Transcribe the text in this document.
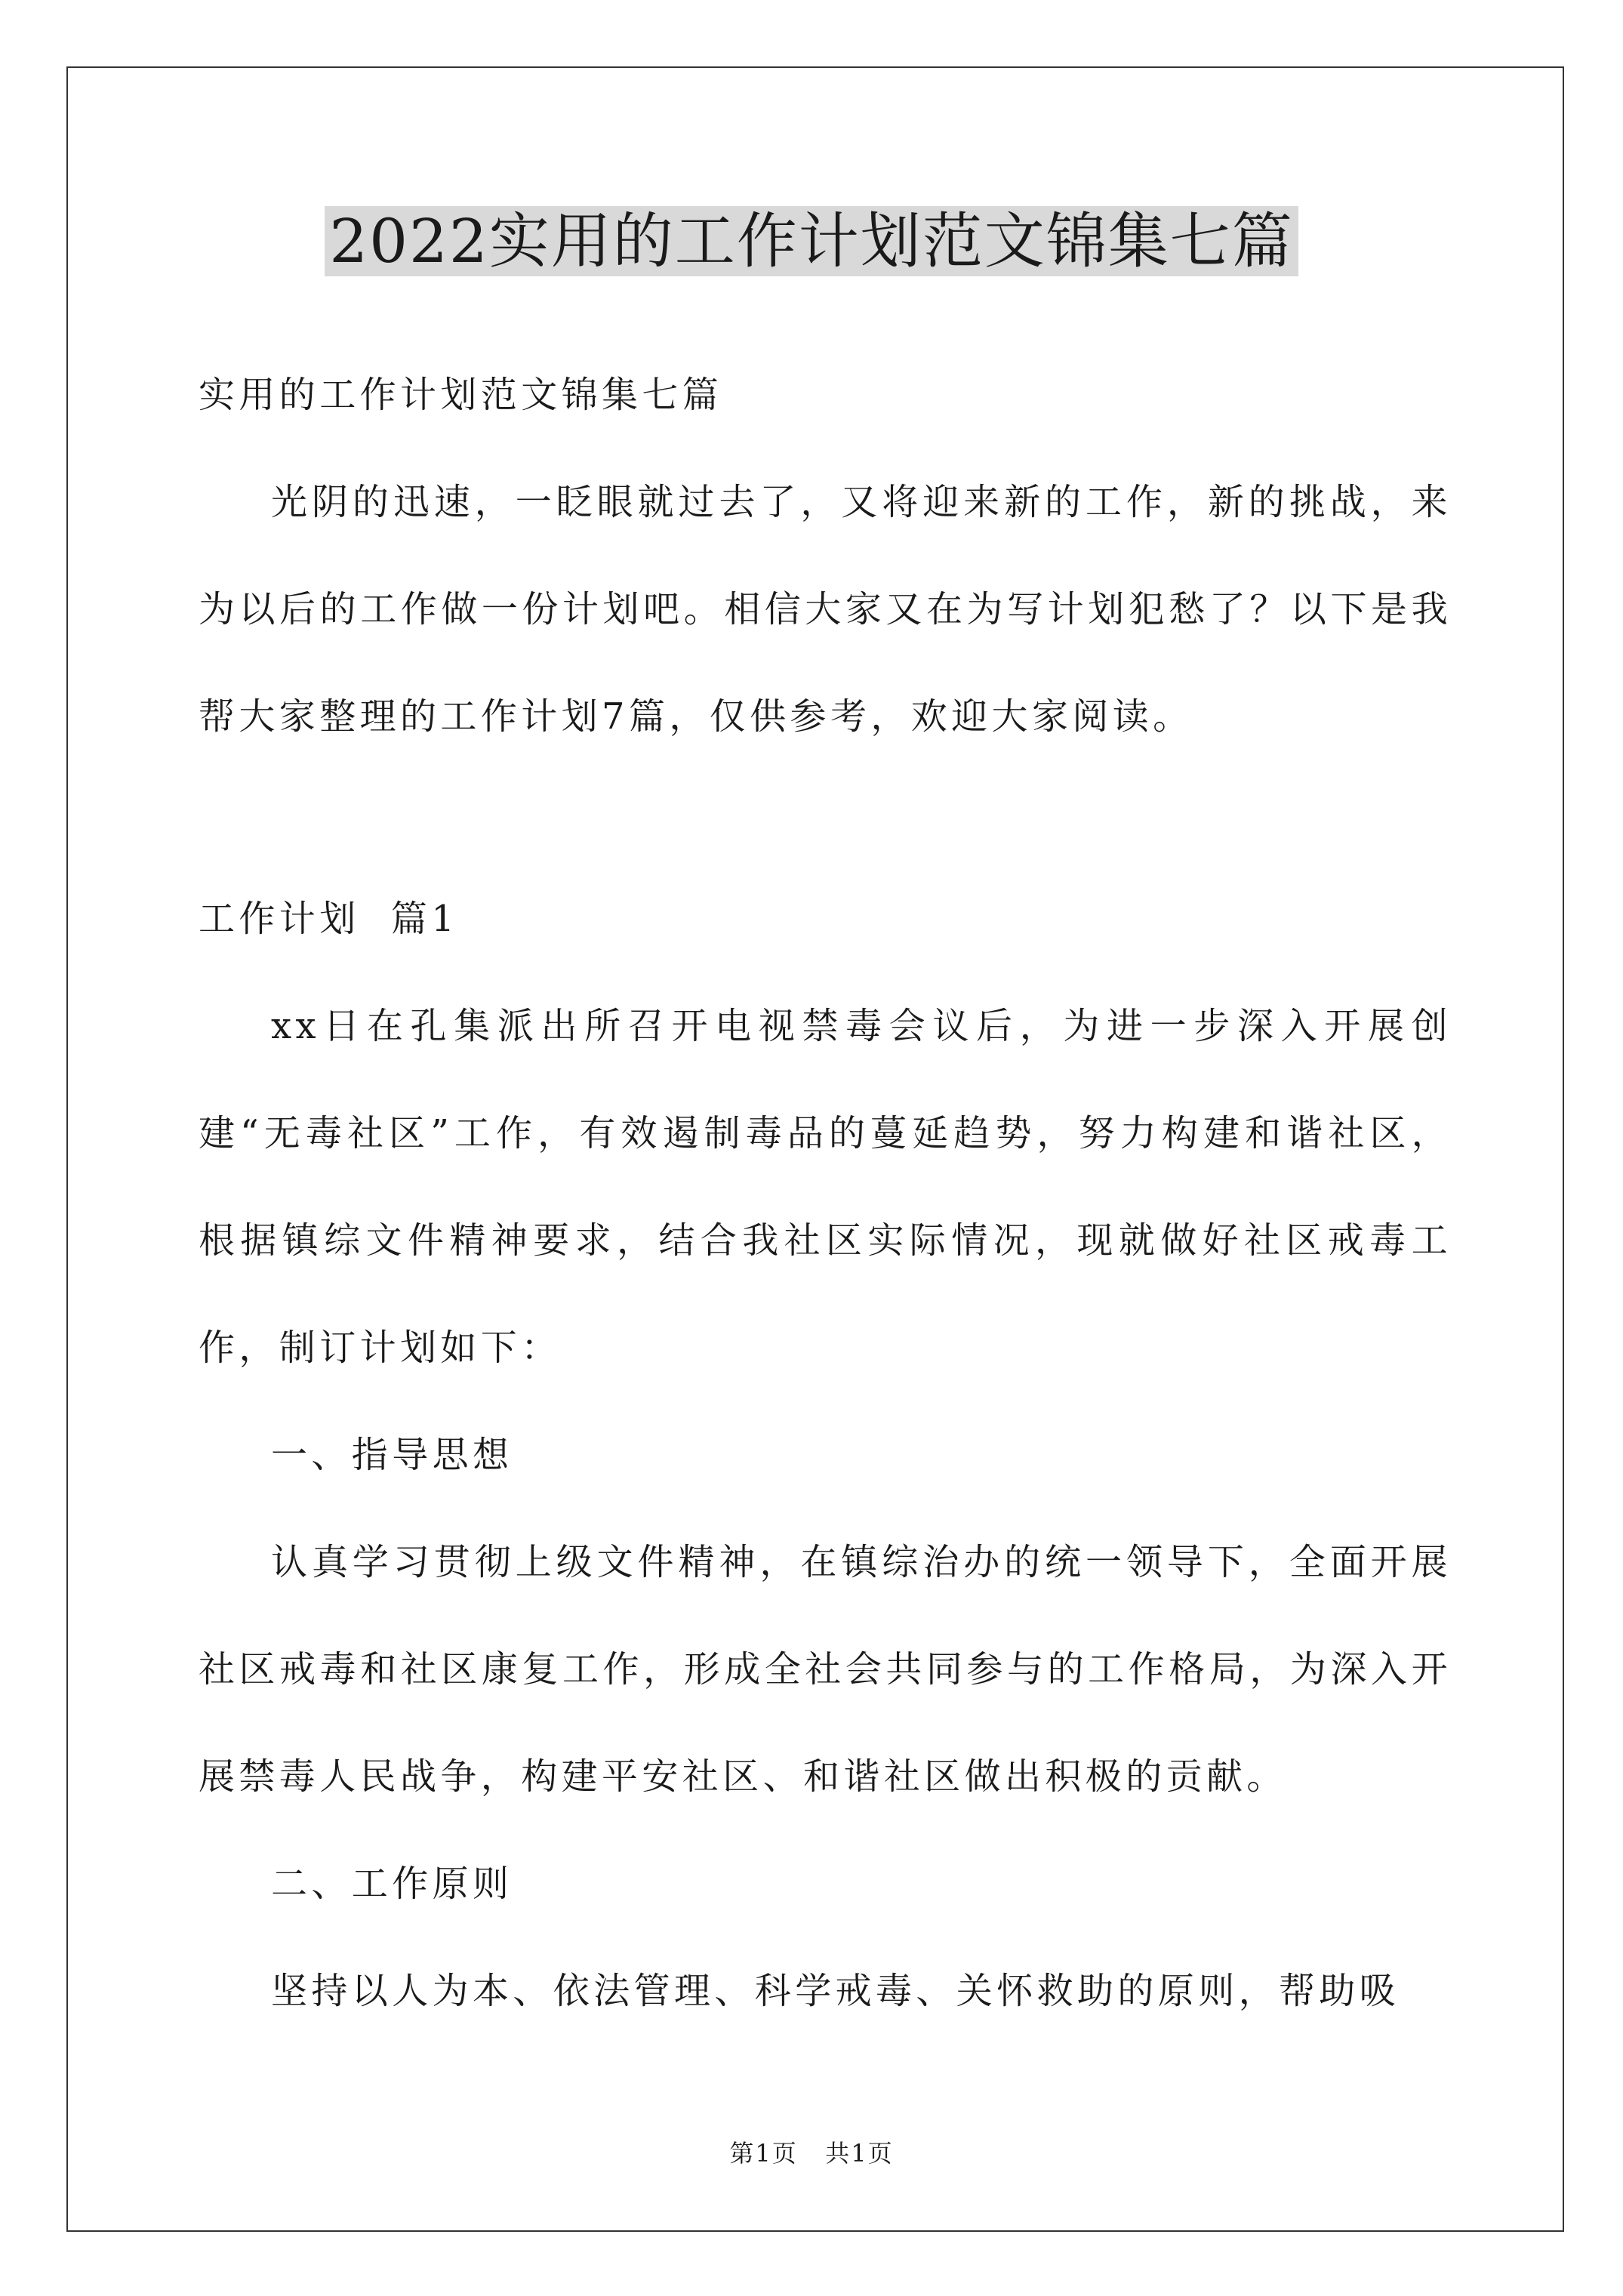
2022实用的工作计划范文锦集七篇

实用的工作计划范文锦集七篇

光阴的迅速，一眨眼就过去了，又将迎来新的工作，新的挑战，来为以后的工作做一份计划吧。相信大家又在为写计划犯愁了？以下是我帮大家整理的工作计划7篇，仅供参考，欢迎大家阅读。

工作计划  篇1

xx日在孔集派出所召开电视禁毒会议后，为进一步深入开展创建“无毒社区”工作，有效遏制毒品的蔓延趋势，努力构建和谐社区，根据镇综文件精神要求，结合我社区实际情况，现就做好社区戒毒工作，制订计划如下：

一、指导思想

认真学习贯彻上级文件精神，在镇综治办的统一领导下，全面开展社区戒毒和社区康复工作，形成全社会共同参与的工作格局，为深入开展禁毒人民战争，构建平安社区、和谐社区做出积极的贡献。

二、工作原则

坚持以人为本、依法管理、科学戒毒、关怀救助的原则，帮助吸

第1页   共1页
